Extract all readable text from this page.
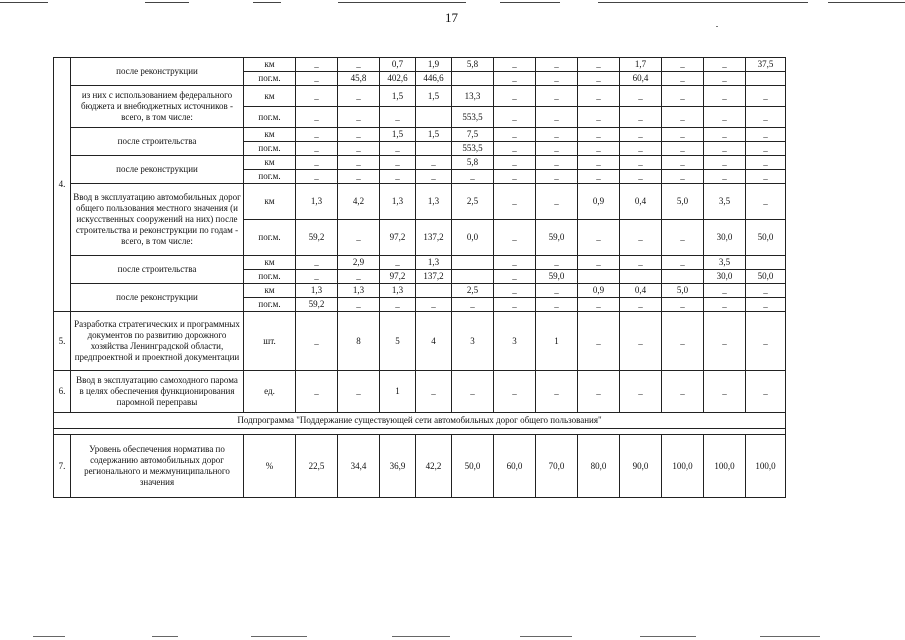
17
4.	после реконструкции	км	_	_	0,7	1,9	5,8	_	_	_	1,7	_	_	37,5
		пог.м.	_	45,8	402,6	446,6		_	_	_	60,4	_	_	
	из них с использованием федерального бюджета и внебюджетных источников - всего, в том числе:	км	_	_	1,5	1,5	13,3	_	_	_	_	_	_	_
		пог.м.	_	_	_		553,5	_	_	_	_	_	_	_
	после строительства	км	_	_	1,5	1,5	7,5	_	_	_	_	_	_	_
		пог.м.	_	_	_		553,5	_	_	_	_	_	_	_
	после реконструкции	км	_	_	_	_	5,8	_	_	_	_	_	_	_
		пог.м.	_	_	_	_	_	_	_	_	_	_	_	_
	Ввод в эксплуатацию автомобильных дорог общего пользования местного значения (и искусственных сооружений на них) после строительства и реконструкции по годам - всего, в том числе:	км	1,3	4,2	1,3	1,3	2,5	_	_	0,9	0,4	5,0	3,5	_
		пог.м.	59,2	_	97,2	137,2	0,0	_	59,0	_	_	_	30,0	50,0
	после строительства	км	_	2,9	_	1,3		_	_	_	_	_	3,5	
		пог.м.	_	_	97,2	137,2		_	59,0				30,0	50,0
	после реконструкции	км	1,3	1,3	1,3		2,5	_	_	0,9	0,4	5,0	_	_
		пог.м.	59,2	_	_	_	_	_	_	_	_	_	_	_
5.	Разработка стратегических и программных документов по развитию дорожного хозяйства Ленинградской области, предпроектной и проектной документации	шт.	_	8	5	4	3	3	1	_	_	_	_	_
6.	Ввод в эксплуатацию самоходного парома в целях обеспечения функционирования паромной переправы	ед.	_	_	1	_	_	_	_	_	_	_	_	_
Подпрограмма "Поддержание существующей сети автомобильных дорог общего пользования"														

7.	Уровень обеспечения норматива по содержанию автомобильных дорог регионального и межмуниципального значения	%	22,5	34,4	36,9	42,2	50,0	60,0	70,0	80,0	90,0	100,0	100,0	100,0
